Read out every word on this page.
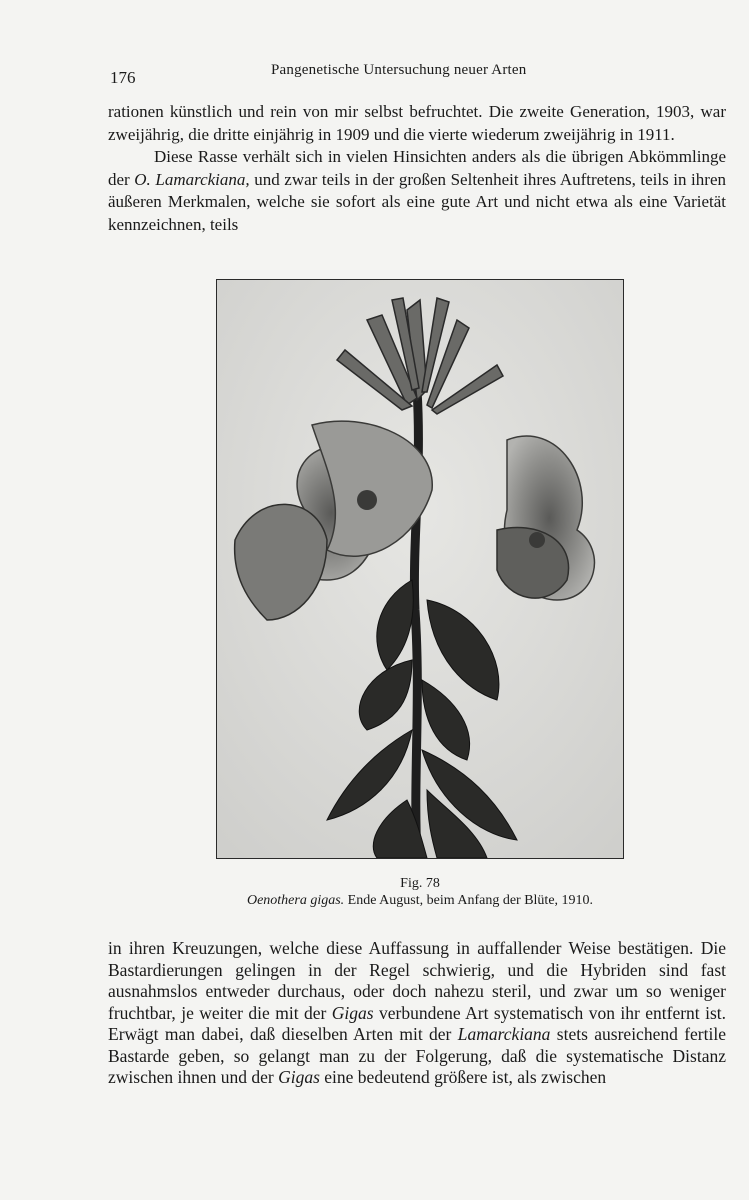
176	Pangenetische Untersuchung neuer Arten

rationen künstlich und rein von mir selbst befruchtet. Die zweite Generation, 1903, war zweijährig, die dritte einjährig in 1909 und die vierte wiederum zweijährig in 1911.

Diese Rasse verhält sich in vielen Hinsichten anders als die übrigen Abkömmlinge der O. Lamarckiana, und zwar teils in der großen Seltenheit ihres Auftretens, teils in ihren äußeren Merkmalen, welche sie sofort als eine gute Art und nicht etwa als eine Varietät kennzeichnen, teils

Fig. 78
Oenothera gigas. Ende August, beim Anfang der Blüte, 1910.

in ihren Kreuzungen, welche diese Auffassung in auffallender Weise bestätigen. Die Bastardierungen gelingen in der Regel schwierig, und die Hybriden sind fast ausnahmslos entweder durchaus, oder doch nahezu steril, und zwar um so weniger fruchtbar, je weiter die mit der Gigas verbundene Art systematisch von ihr entfernt ist. Erwägt man dabei, daß dieselben Arten mit der Lamarckiana stets ausreichend fertile Bastarde geben, so gelangt man zu der Folgerung, daß die systematische Distanz zwischen ihnen und der Gigas eine bedeutend größere ist, als zwischen
